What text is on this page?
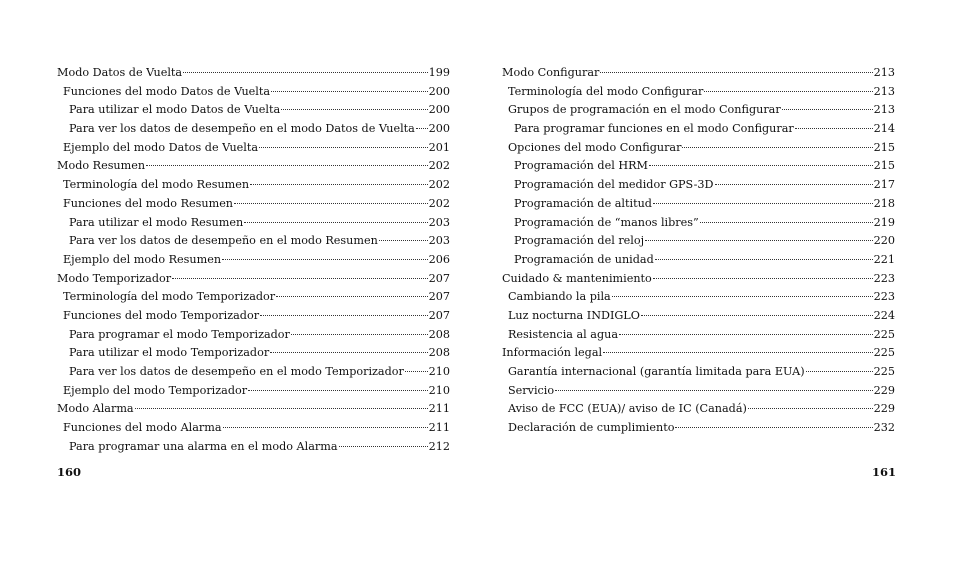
Modo Datos de Vuelta	199
Funciones del modo Datos de Vuelta	200
Para utilizar el modo Datos de Vuelta	200
Para ver los datos de desempeño en el modo Datos de Vuelta 200
Ejemplo del modo Datos de Vuelta	201
Modo Resumen	202
Terminología del modo Resumen	202
Funciones del modo Resumen	202
Para utilizar el modo Resumen	203
Para ver los datos de desempeño en el modo Resumen	203
Ejemplo del modo Resumen	206
Modo Temporizador	207
Terminología del modo Temporizador	207
Funciones del modo Temporizador	207
Para programar el modo Temporizador	208
Para utilizar el modo Temporizador	208
Para ver los datos de desempeño en el modo Temporizador 210
Ejemplo del modo Temporizador	210
Modo Alarma	211
Funciones del modo Alarma	211
Para programar una alarma en el modo Alarma	212
Modo Configurar	213
Terminología del modo Configurar	213
Grupos de programación en el modo Configurar	213
Para programar funciones en el modo Configurar	214
Opciones del modo Configurar	215
Programación del HRM	215
Programación del medidor GPS-3D	217
Programación de altitud	218
Programación de “manos libres”	219
Programación del reloj	220
Programación de unidad	221
Cuidado & mantenimiento	223
Cambiando la pila	223
Luz nocturna INDIGLO	224
Resistencia al agua	225
Información legal	225
Garantía internacional (garantía limitada para EUA)	225
Servicio	229
Aviso de FCC (EUA)/ aviso de IC (Canadá)	229
Declaración de cumplimiento	232
160	161
